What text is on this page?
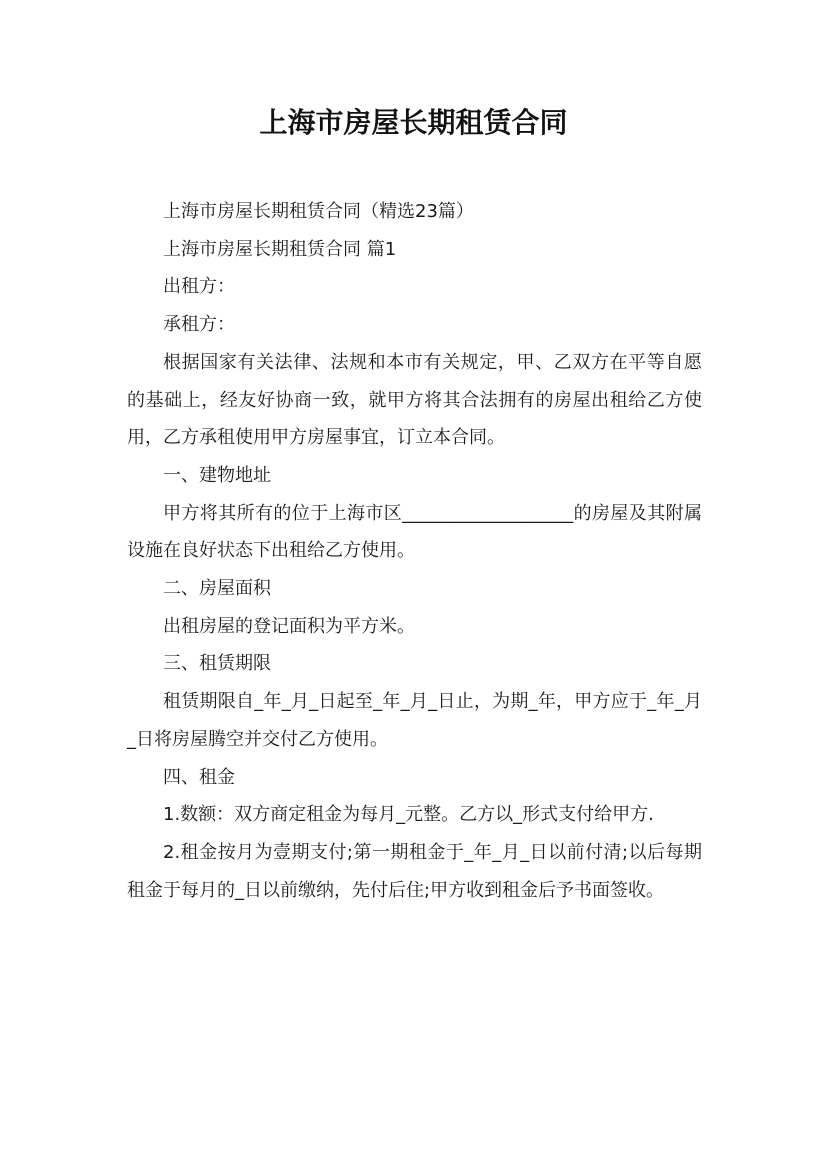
上海市房屋长期租赁合同

上海市房屋长期租赁合同（精选23篇）

上海市房屋长期租赁合同 篇1

出租方：

承租方：

根据国家有关法律、法规和本市有关规定，甲、乙双方在平等自愿的基础上，经友好协商一致，就甲方将其合法拥有的房屋出租给乙方使用，乙方承租使用甲方房屋事宜，订立本合同。

一、建物地址

甲方将其所有的位于上海市区___________________的房屋及其附属设施在良好状态下出租给乙方使用。

二、房屋面积

出租房屋的登记面积为平方米。

三、租赁期限

租赁期限自_年_月_日起至_年_月_日止，为期_年，甲方应于_年_月_日将房屋腾空并交付乙方使用。

四、租金

1.数额：双方商定租金为每月_元整。乙方以_形式支付给甲方.

2.租金按月为壹期支付;第一期租金于_年_月_日以前付清;以后每期租金于每月的_日以前缴纳，先付后住;甲方收到租金后予书面签收。
